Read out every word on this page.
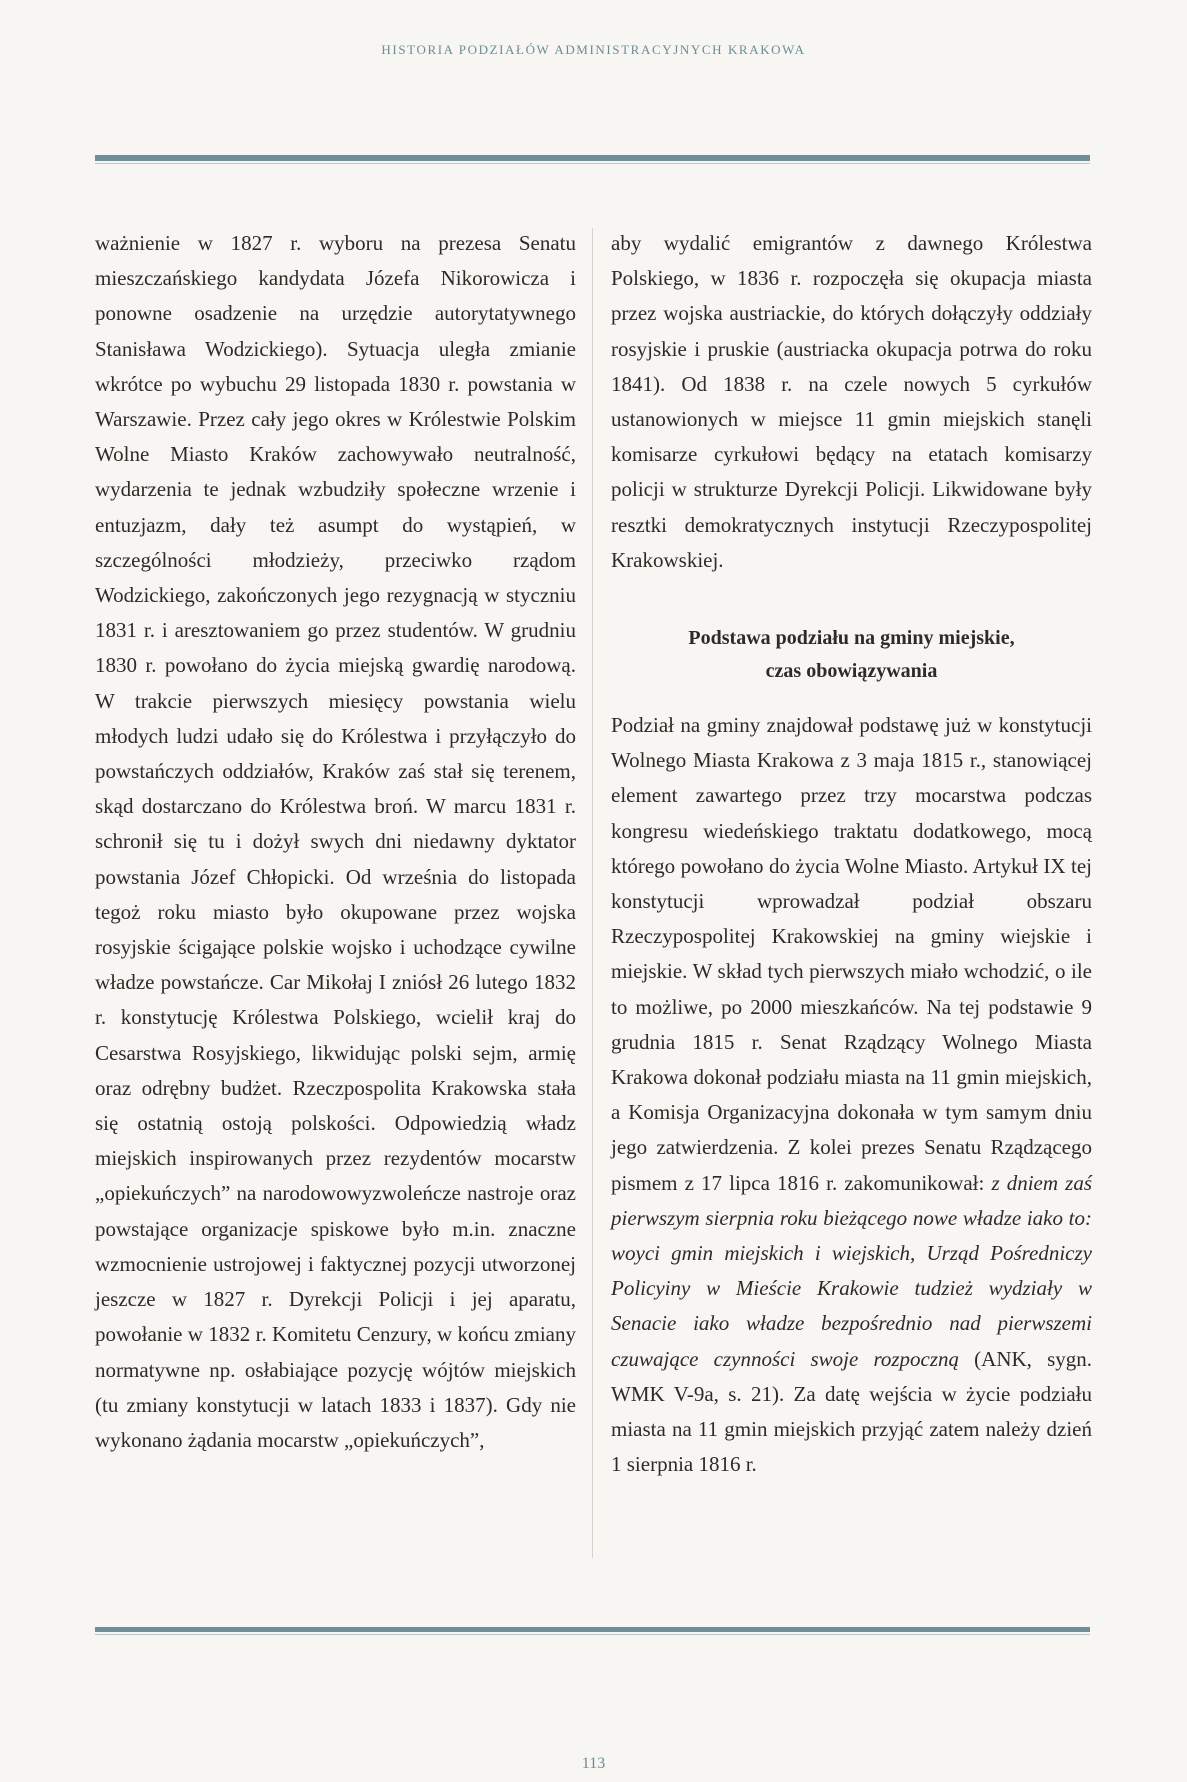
HISTORIA PODZIAŁÓW ADMINISTRACYJNYCH KRAKOWA

ważnienie w 1827 r. wyboru na prezesa Senatu mieszczańskiego kandydata Józefa Nikorowicza i ponowne osadzenie na urzędzie autorytatywnego Stanisława Wodzickiego). Sytuacja uległa zmianie wkrótce po wybuchu 29 listopada 1830 r. powstania w Warszawie. Przez cały jego okres w Królestwie Polskim Wolne Miasto Kraków zachowywało neutralność, wydarzenia te jednak wzbudziły społeczne wrzenie i entuzjazm, dały też asumpt do wystąpień, w szczególności młodzieży, przeciwko rządom Wodzickiego, zakończonych jego rezygnacją w styczniu 1831 r. i aresztowaniem go przez studentów. W grudniu 1830 r. powołano do życia miejską gwardię narodową. W trakcie pierwszych miesięcy powstania wielu młodych ludzi udało się do Królestwa i przyłączyło do powstańczych oddziałów, Kraków zaś stał się terenem, skąd dostarczano do Królestwa broń. W marcu 1831 r. schronił się tu i dożył swych dni niedawny dyktator powstania Józef Chłopicki. Od września do listopada tegoż roku miasto było okupowane przez wojska rosyjskie ścigające polskie wojsko i uchodzące cywilne władze powstańcze. Car Mikołaj I zniósł 26 lutego 1832 r. konstytucję Królestwa Polskiego, wcielił kraj do Cesarstwa Rosyjskiego, likwidując polski sejm, armię oraz odrębny budżet. Rzeczpospolita Krakowska stała się ostatnią ostoją polskości. Odpowiedzią władz miejskich inspirowanych przez rezydentów mocarstw „opiekuńczych” na narodowowyzwoleńcze nastroje oraz powstające organizacje spiskowe było m.in. znaczne wzmocnienie ustrojowej i faktycznej pozycji utworzonej jeszcze w 1827 r. Dyrekcji Policji i jej aparatu, powołanie w 1832 r. Komitetu Cenzury, w końcu zmiany normatywne np. osłabiające pozycję wójtów miejskich (tu zmiany konstytucji w latach 1833 i 1837). Gdy nie wykonano żądania mocarstw „opiekuńczych”,

aby wydalić emigrantów z dawnego Królestwa Polskiego, w 1836 r. rozpoczęła się okupacja miasta przez wojska austriackie, do których dołączyły oddziały rosyjskie i pruskie (austriacka okupacja potrwa do roku 1841). Od 1838 r. na czele nowych 5 cyrkułów ustanowionych w miejsce 11 gmin miejskich stanęli komisarze cyrkułowi będący na etatach komisarzy policji w strukturze Dyrekcji Policji. Likwidowane były resztki demokratycznych instytucji Rzeczypospolitej Krakowskiej.

Podstawa podziału na gminy miejskie,
czas obowiązywania

Podział na gminy znajdował podstawę już w konstytucji Wolnego Miasta Krakowa z 3 maja 1815 r., stanowiącej element zawartego przez trzy mocarstwa podczas kongresu wiedeńskiego traktatu dodatkowego, mocą którego powołano do życia Wolne Miasto. Artykuł IX tej konstytucji wprowadzał podział obszaru Rzeczypospolitej Krakowskiej na gminy wiejskie i miejskie. W skład tych pierwszych miało wchodzić, o ile to możliwe, po 2000 mieszkańców. Na tej podstawie 9 grudnia 1815 r. Senat Rządzący Wolnego Miasta Krakowa dokonał podziału miasta na 11 gmin miejskich, a Komisja Organizacyjna dokonała w tym samym dniu jego zatwierdzenia. Z kolei prezes Senatu Rządzącego pismem z 17 lipca 1816 r. zakomunikował: z dniem zaś pierwszym sierpnia roku bieżącego nowe władze iako to: woyci gmin miejskich i wiejskich, Urząd Pośredniczy Policyiny w Mieście Krakowie tudzież wydziały w Senacie iako władze bezpośrednio nad pierwszemi czuwające czynności swoje rozpoczną (ANK, sygn. WMK V-9a, s. 21). Za datę wejścia w życie podziału miasta na 11 gmin miejskich przyjąć zatem należy dzień 1 sierpnia 1816 r.

113
